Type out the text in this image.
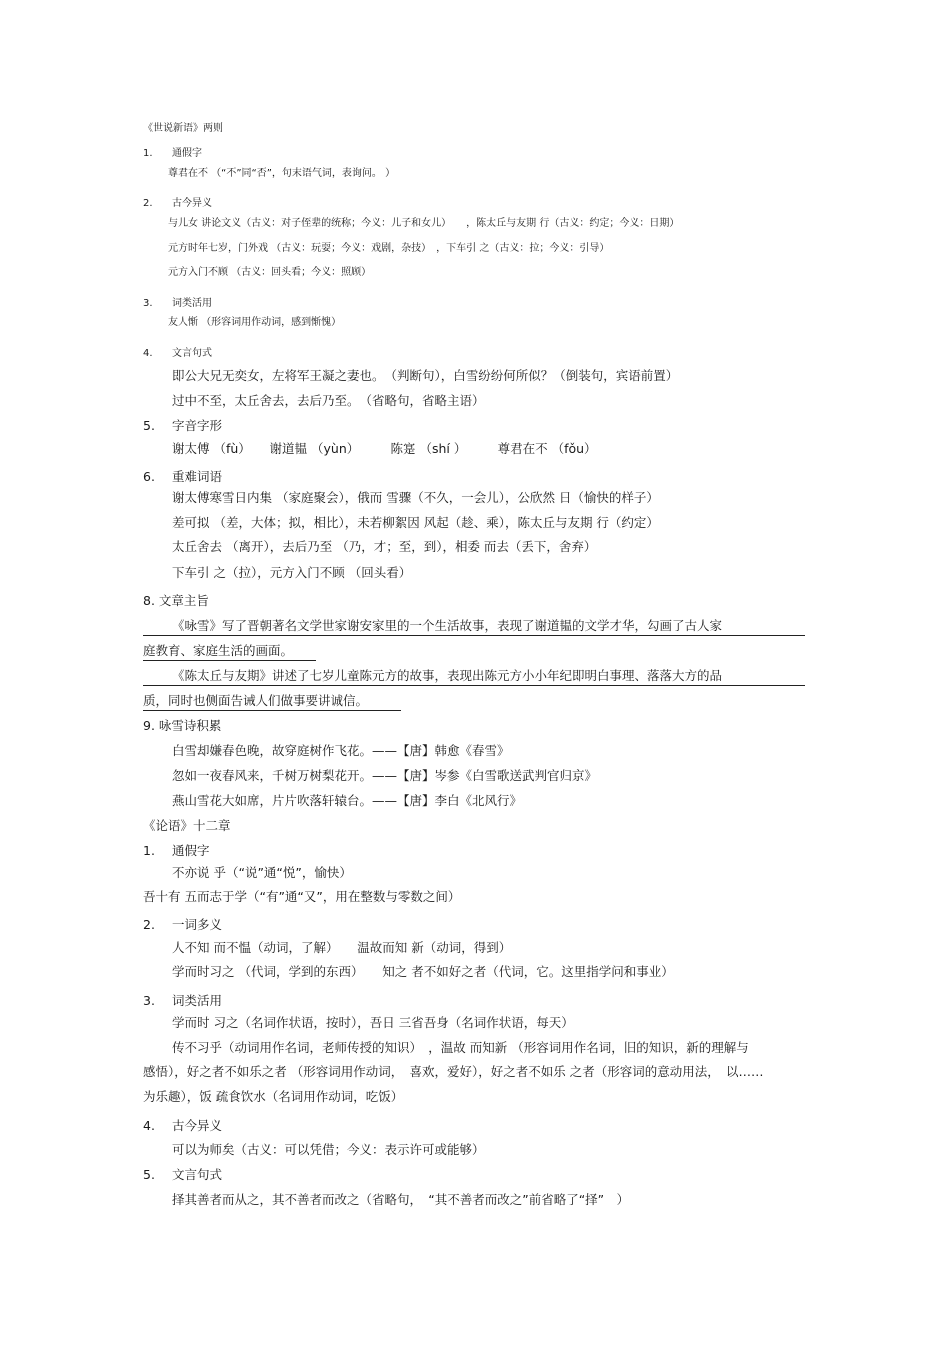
《世说新语》两则
1. 通假字
尊君在不 （“不”同“否”，句末语气词，表询问。 ）
2. 古今异义
与儿女 讲论文义（古义：对子侄辈的统称；今义：儿子和女儿）　　，陈太丘与友期 行（古义：约定；今义：日期）
元方时年七岁，门外戏 （古义：玩耍；今义：戏剧，杂技）　，下车引 之（古义：拉；今义：引导）
元方入门不顾 （古义：回头看；今义：照顾）
3. 词类活用
友人惭 （形容词用作动词，感到惭愧）
4. 文言句式
即公大兄无奕女，左将军王凝之妻也。　（判断句），白雪纷纷何所似？（倒装句，宾语前置）
过中不至，太丘舍去，去后乃至。　（省略句，省略主语）
5. 字音字形
谢太傅 （fù）　　谢道韫 （yùn）　　　陈寔 （shí ）　　　尊君在不 （fǒu）
6. 重难词语
谢太傅寒雪日内集 （家庭聚会），俄而 雪骤（不久，一会儿），公欣然 日（愉快的样子）
差可拟 （差，大体；拟，相比），未若柳絮因 风起（趁、乘），陈太丘与友期 行（约定）
太丘舍去 （离开），去后乃至 （乃，才；至，到），相委 而去（丢下，舍弃）
下车引 之（拉），元方入门不顾 （回头看）
8. 文章主旨
《咏雪》写了晋朝著名文学世家谢安家里的一个生活故事，表现了谢道韫的文学才华，勾画了古人家
庭教育、家庭生活的画面。
《陈太丘与友期》讲述了七岁儿童陈元方的故事，表现出陈元方小小年纪即明白事理、落落大方的品
质，同时也侧面告诫人们做事要讲诚信。
9. 咏雪诗积累
白雪却嫌春色晚，故穿庭树作飞花。——【唐】韩愈《春雪》
忽如一夜春风来，千树万树梨花开。——【唐】岑参《白雪歌送武判官归京》
燕山雪花大如席，片片吹落轩辕台。——【唐】李白《北风行》
《论语》十二章
1. 通假字
不亦说 乎（“说”通“悦”，愉快）
吾十有 五而志于学（“有”通“又”，用在整数与零数之间）
2. 一词多义
人不知 而不愠（动词，了解）　　温故而知 新（动词，得到）
学而时习之 （代词，学到的东西）　　知之 者不如好之者（代词，它。这里指学问和事业）
3. 词类活用
学而时 习之（名词作状语，按时），吾日 三省吾身（名词作状语，每天）
传不习乎（动词用作名词，老师传授的知识）　，温故 而知新 （形容词用作名词，旧的知识，新的理解与
感悟），好之者不如乐之者 （形容词用作动词，　喜欢，爱好），好之者不如乐 之者（形容词的意动用法，　以……
为乐趣），饭 疏食饮水（名词用作动词，吃饭）
4. 古今异义
可以为师矣（古义：可以凭借；今义：表示许可或能够）
5. 文言句式
择其善者而从之，其不善者而改之（省略句，　“其不善者而改之”前省略了“择”　）
